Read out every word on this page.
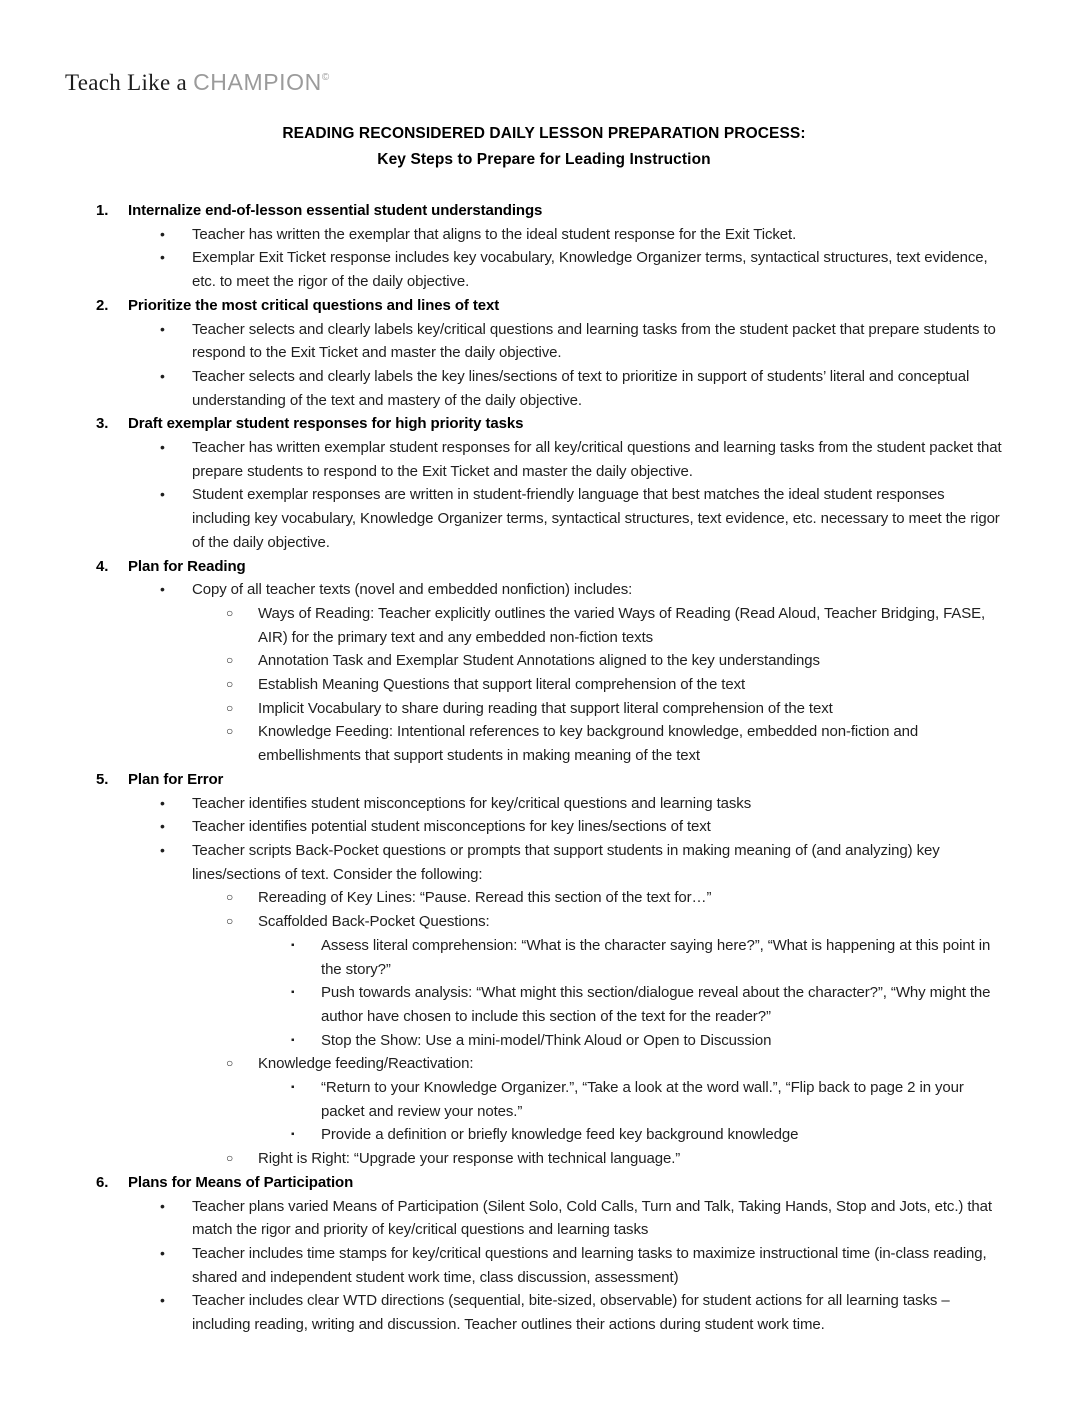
Teach Like a CHAMPION©
READING RECONSIDERED DAILY LESSON PREPARATION PROCESS:
Key Steps to Prepare for Leading Instruction
1.	Internalize end-of-lesson essential student understandings
•	Teacher has written the exemplar that aligns to the ideal student response for the Exit Ticket.
•	Exemplar Exit Ticket response includes key vocabulary, Knowledge Organizer terms, syntactical structures, text evidence, etc. to meet the rigor of the daily objective.
2.	Prioritize the most critical questions and lines of text
•	Teacher selects and clearly labels key/critical questions and learning tasks from the student packet that prepare students to respond to the Exit Ticket and master the daily objective.
•	Teacher selects and clearly labels the key lines/sections of text to prioritize in support of students’ literal and conceptual understanding of the text and mastery of the daily objective.
3.	Draft exemplar student responses for high priority tasks
•	Teacher has written exemplar student responses for all key/critical questions and learning tasks from the student packet that prepare students to respond to the Exit Ticket and master the daily objective.
•	Student exemplar responses are written in student-friendly language that best matches the ideal student responses including key vocabulary, Knowledge Organizer terms, syntactical structures, text evidence, etc. necessary to meet the rigor of the daily objective.
4.	Plan for Reading
•	Copy of all teacher texts (novel and embedded nonfiction) includes:
○	Ways of Reading: Teacher explicitly outlines the varied Ways of Reading (Read Aloud, Teacher Bridging, FASE, AIR) for the primary text and any embedded non-fiction texts
○	Annotation Task and Exemplar Student Annotations aligned to the key understandings
○	Establish Meaning Questions that support literal comprehension of the text
○	Implicit Vocabulary to share during reading that support literal comprehension of the text
○	Knowledge Feeding: Intentional references to key background knowledge, embedded non-fiction and embellishments that support students in making meaning of the text
5.	Plan for Error
•	Teacher identifies student misconceptions for key/critical questions and learning tasks
•	Teacher identifies potential student misconceptions for key lines/sections of text
•	Teacher scripts Back-Pocket questions or prompts that support students in making meaning of (and analyzing) key lines/sections of text. Consider the following:
○	Rereading of Key Lines: “Pause. Reread this section of the text for…”
○	Scaffolded Back-Pocket Questions:
▪	Assess literal comprehension: “What is the character saying here?”, “What is happening at this point in the story?”
▪	Push towards analysis: “What might this section/dialogue reveal about the character?”, “Why might the author have chosen to include this section of the text for the reader?”
▪	Stop the Show: Use a mini-model/Think Aloud or Open to Discussion
○	Knowledge feeding/Reactivation:
▪	“Return to your Knowledge Organizer.”, “Take a look at the word wall.”, “Flip back to page 2 in your packet and review your notes.”
▪	Provide a definition or briefly knowledge feed key background knowledge
○	Right is Right: “Upgrade your response with technical language.”
6.	Plans for Means of Participation
•	Teacher plans varied Means of Participation (Silent Solo, Cold Calls, Turn and Talk, Taking Hands, Stop and Jots, etc.) that match the rigor and priority of key/critical questions and learning tasks
•	Teacher includes time stamps for key/critical questions and learning tasks to maximize instructional time (in-class reading, shared and independent student work time, class discussion, assessment)
•	Teacher includes clear WTD directions (sequential, bite-sized, observable) for student actions for all learning tasks – including reading, writing and discussion. Teacher outlines their actions during student work time.
